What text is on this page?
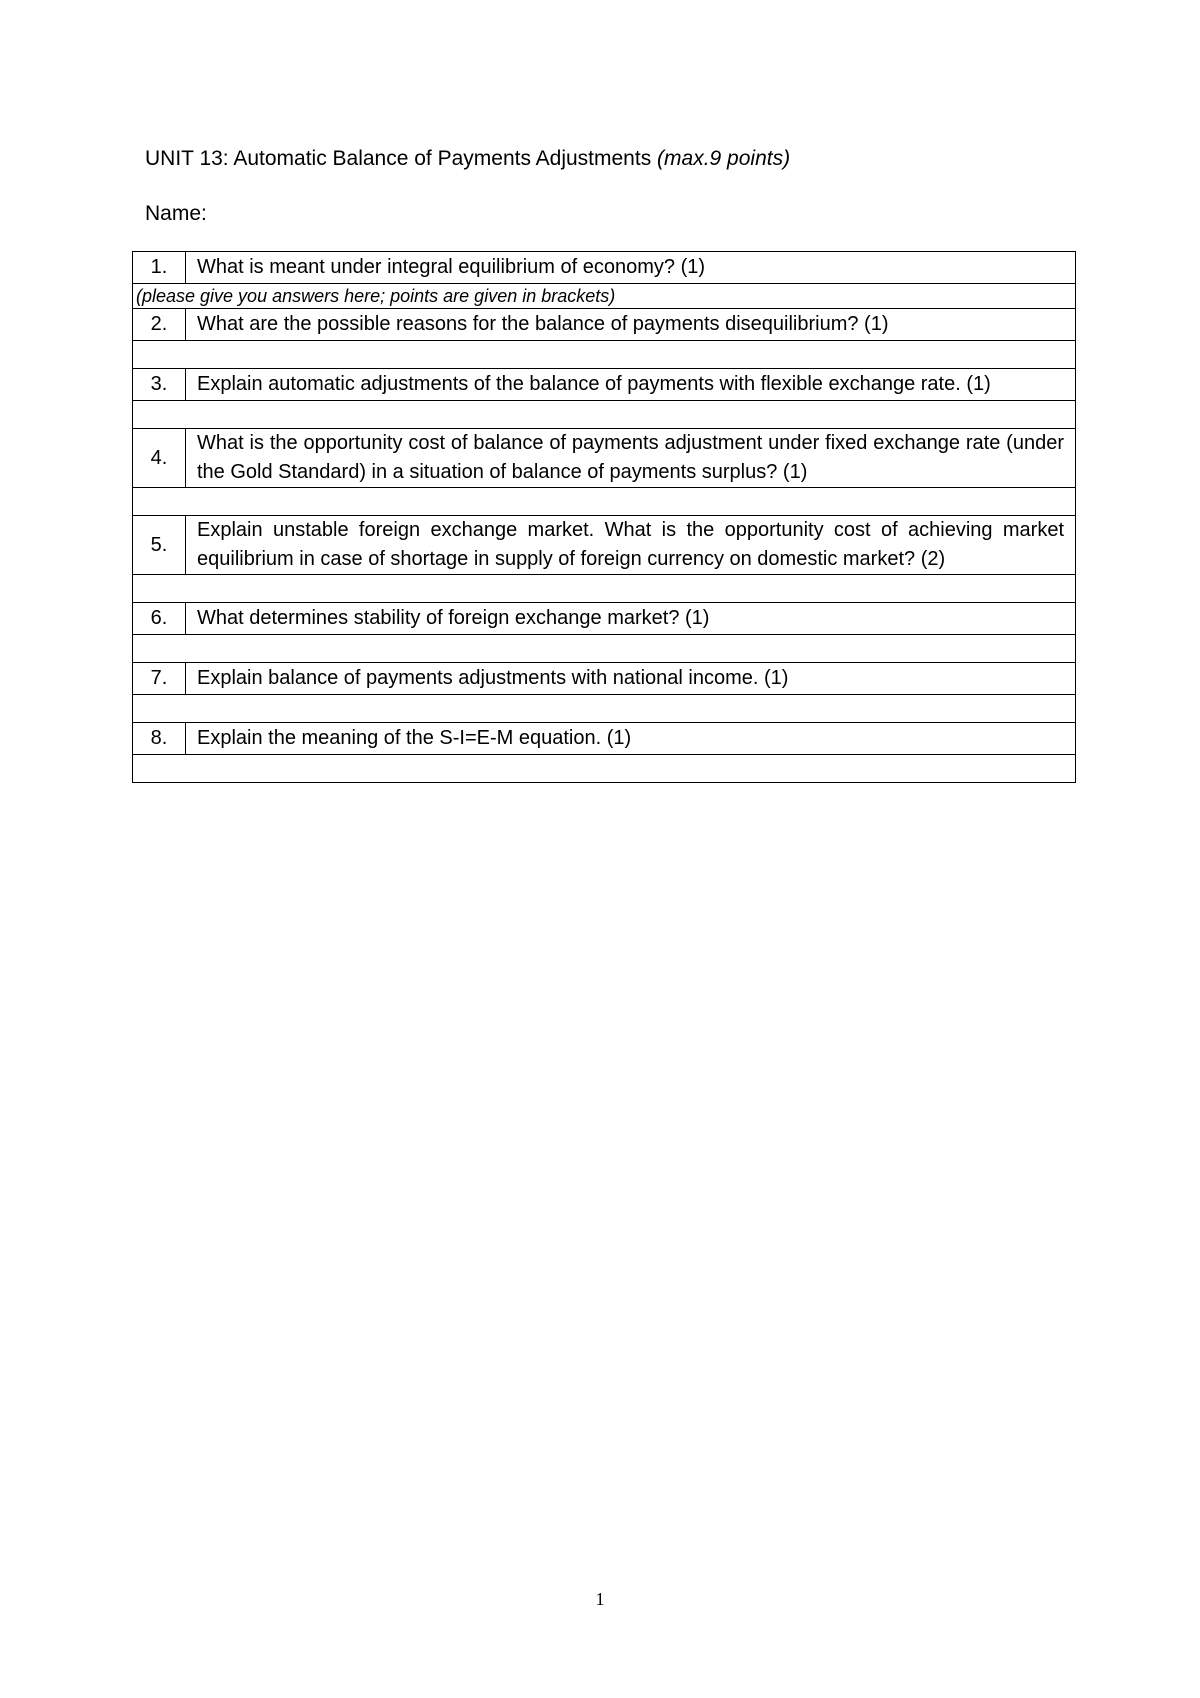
UNIT 13: Automatic Balance of Payments Adjustments (max.9 points)
Name:
1.	What is meant under integral equilibrium of economy? (1)
(please give you answers here; points are given in brackets)	
2.	What are the possible reasons for the balance of payments disequilibrium? (1)

3.	Explain automatic adjustments of the balance of payments with flexible exchange rate. (1)

4.	What is the opportunity cost of balance of payments adjustment under fixed exchange rate (under the Gold Standard) in a situation of balance of payments surplus? (1)

5.	Explain unstable foreign exchange market. What is the opportunity cost of achieving market equilibrium in case of shortage in supply of foreign currency on domestic market? (2)

6.	What determines stability of foreign exchange market? (1)

7.	Explain balance of payments adjustments with national income. (1)

8.	Explain the meaning of the S-I=E-M equation. (1)

1
